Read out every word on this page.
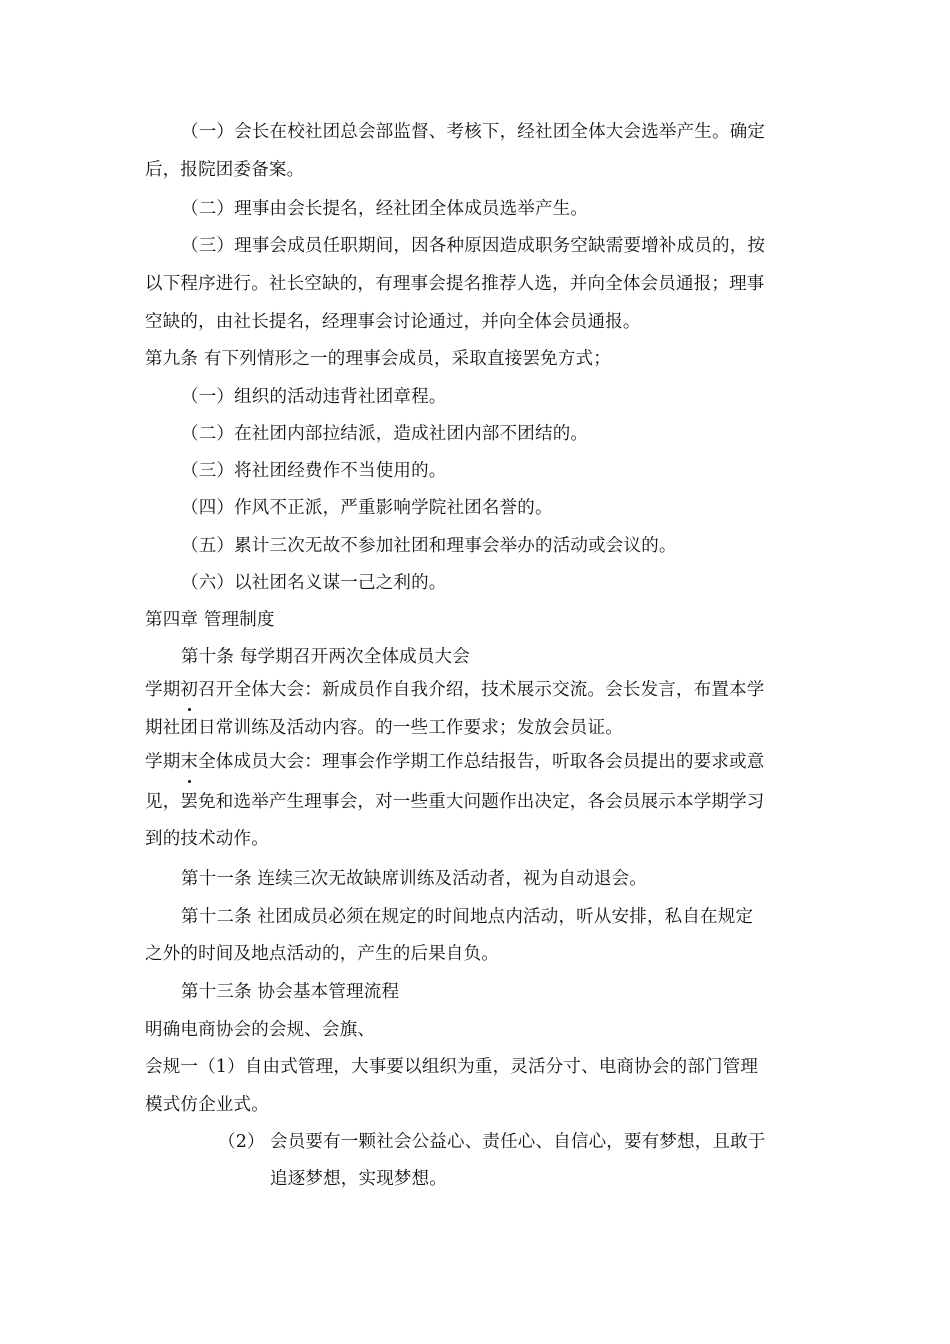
（一）会长在校社团总会部监督、考核下，经社团全体大会选举产生。确定
后，报院团委备案。
（二）理事由会长提名，经社团全体成员选举产生。
（三）理事会成员任职期间，因各种原因造成职务空缺需要增补成员的，按
以下程序进行。社长空缺的，有理事会提名推荐人选，并向全体会员通报；理事
空缺的，由社长提名，经理事会讨论通过，并向全体会员通报。
第九条 有下列情形之一的理事会成员，采取直接罢免方式；
（一）组织的活动违背社团章程。
（二）在社团内部拉结派，造成社团内部不团结的。
（三）将社团经费作不当使用的。
（四）作风不正派，严重影响学院社团名誉的。
（五）累计三次无故不参加社团和理事会举办的活动或会议的。
（六）以社团名义谋一己之利的。
第四章 管理制度
第十条 每学期召开两次全体成员大会
学期初召开全体大会：新成员作自我介绍，技术展示交流。会长发言，布置本学
期社团日常训练及活动内容。的一些工作要求；发放会员证。
学期末全体成员大会：理事会作学期工作总结报告，听取各会员提出的要求或意
见，罢免和选举产生理事会，对一些重大问题作出决定，各会员展示本学期学习
到的技术动作。
第十一条 连续三次无故缺席训练及活动者，视为自动退会。
第十二条 社团成员必须在规定的时间地点内活动，听从安排，私自在规定
之外的时间及地点活动的，产生的后果自负。
第十三条 协会基本管理流程
明确电商协会的会规、会旗、
会规一（1）自由式管理，大事要以组织为重，灵活分寸、电商协会的部门管理
模式仿企业式。
（2） 会员要有一颗社会公益心、责任心、自信心，要有梦想，且敢于
追逐梦想，实现梦想。
